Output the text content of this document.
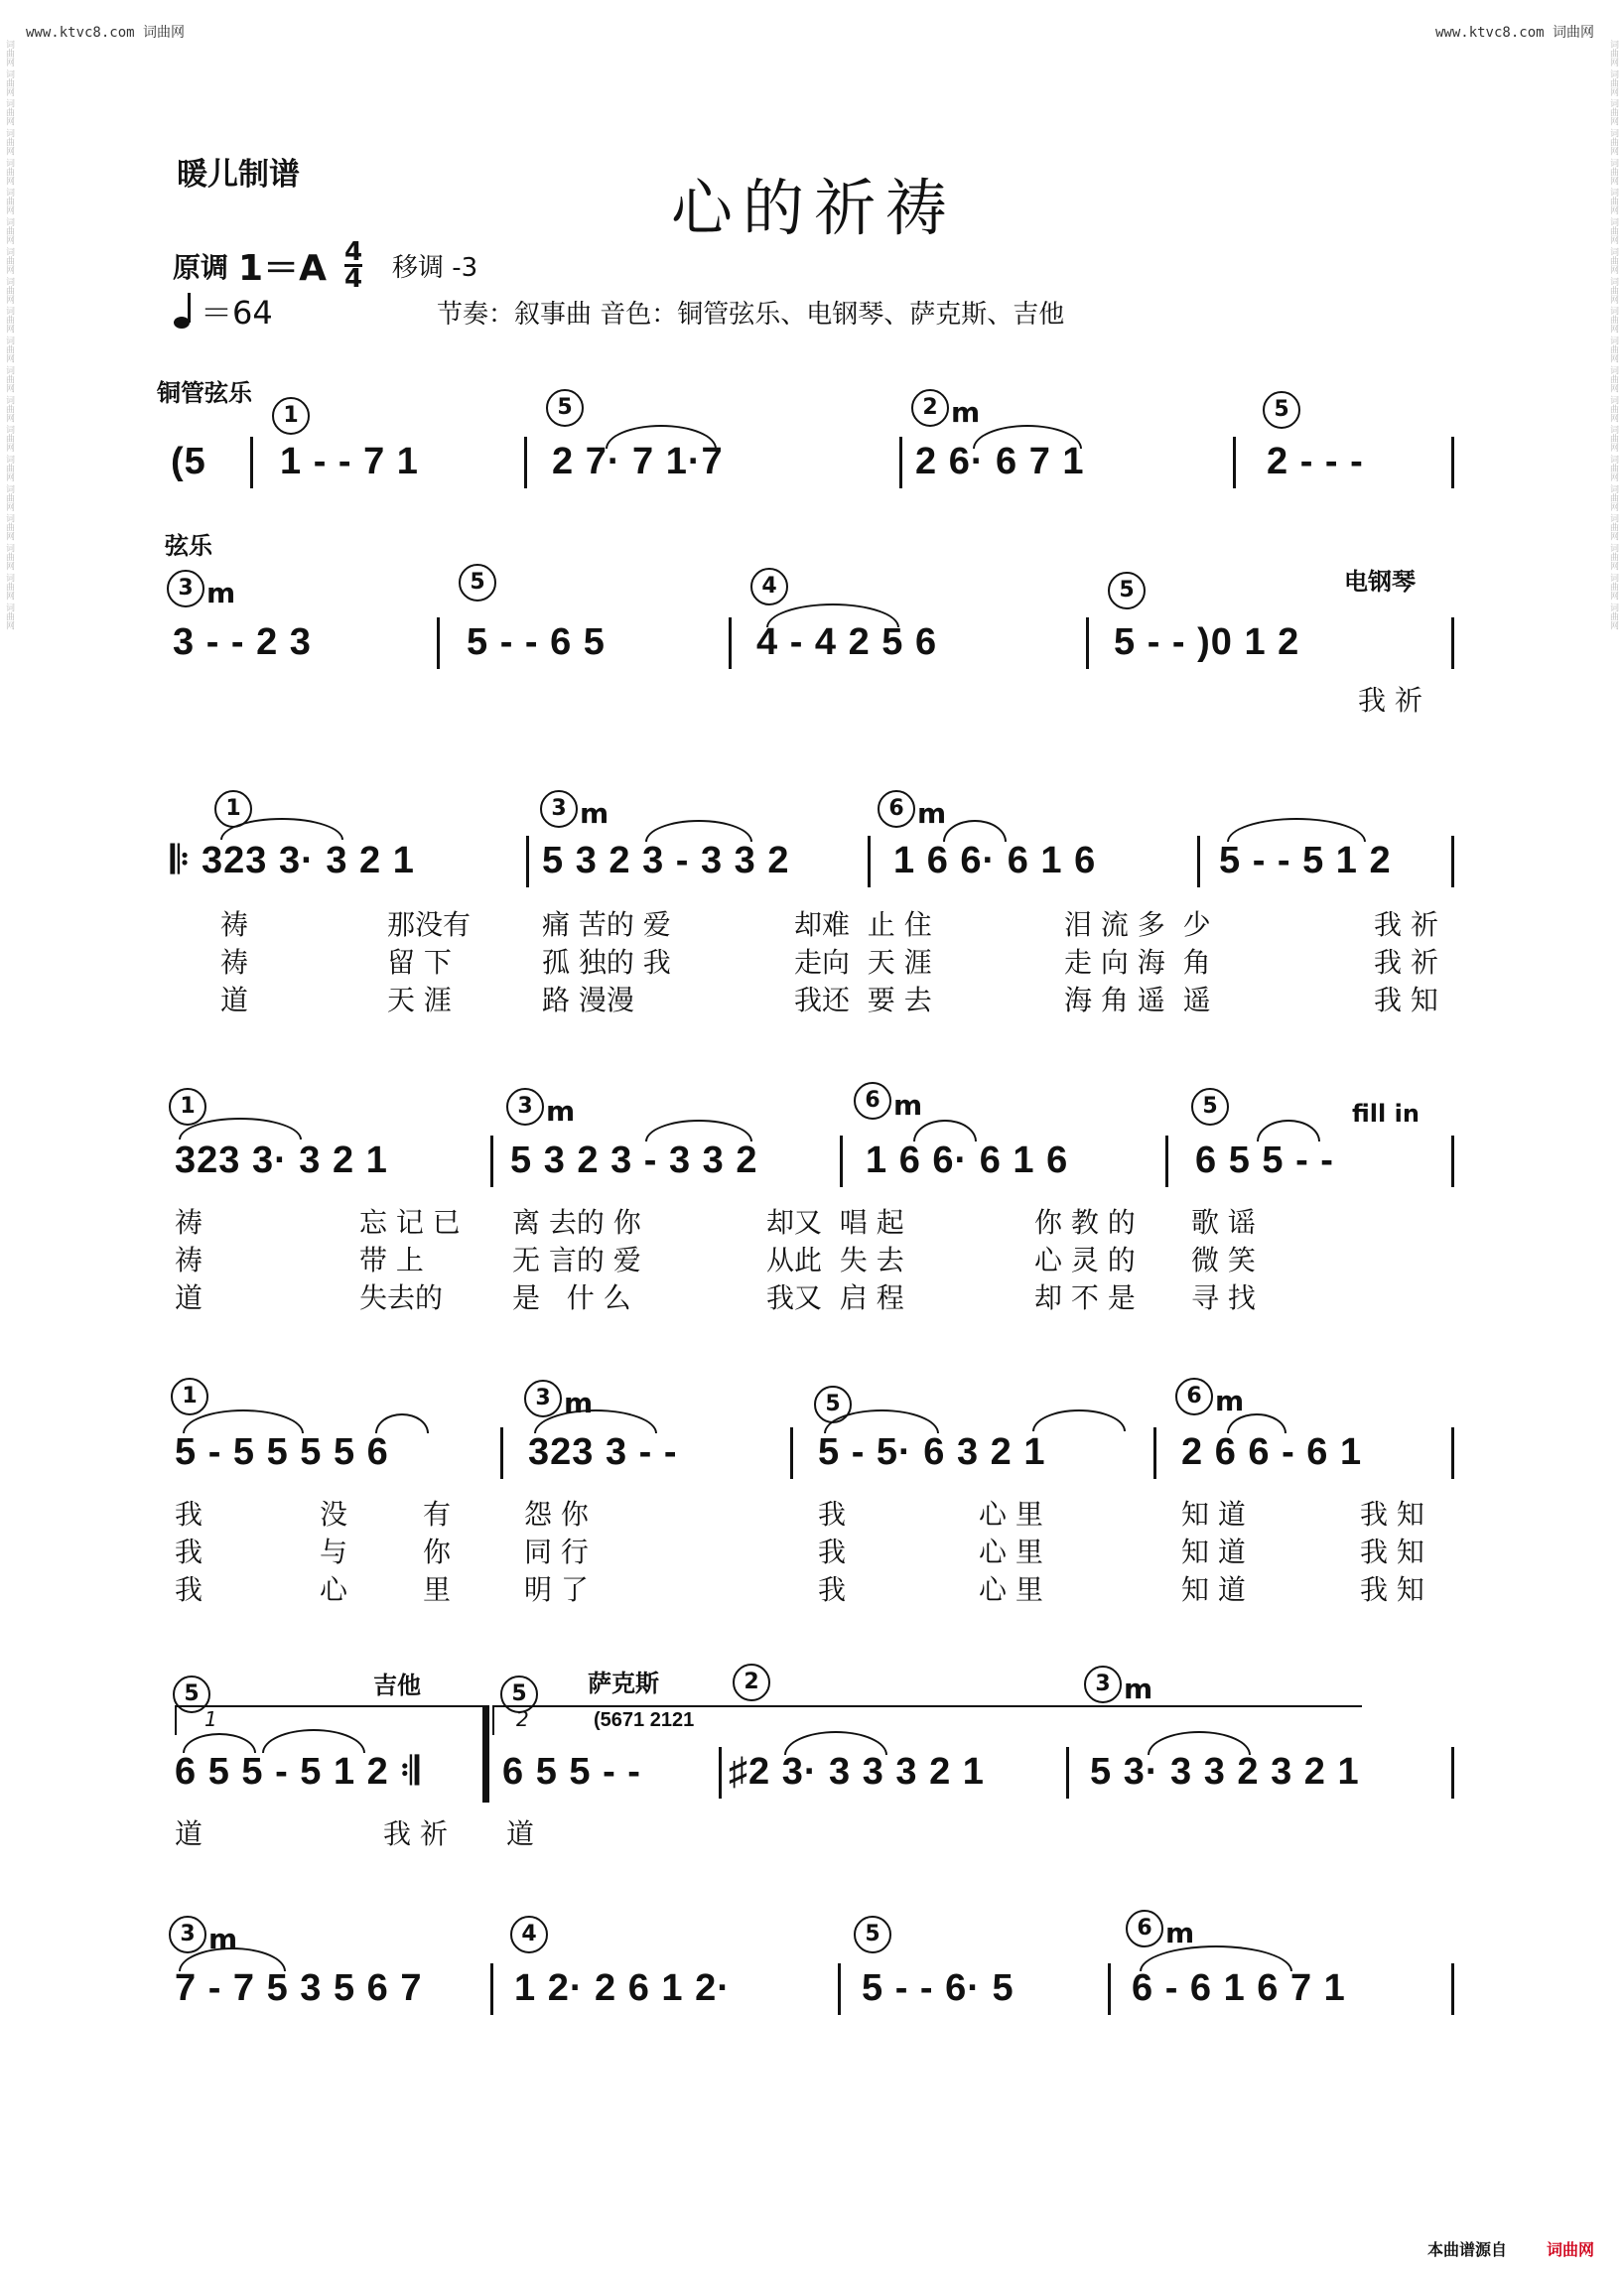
www.ktvc8.com 词曲网	www.ktvc8.com 词曲网
词曲网 词曲网 词曲网 词曲网 词曲网 词曲网 词曲网 词曲网 词曲网 词曲网 词曲网 词曲网 词曲网 词曲网 词曲网 词曲网 词曲网 词曲网 词曲网 词曲网	词曲网 词曲网 词曲网 词曲网 词曲网 词曲网 词曲网 词曲网 词曲网 词曲网 词曲网 词曲网 词曲网 词曲网 词曲网 词曲网 词曲网 词曲网 词曲网 词曲网
暖儿制谱	心的祈祷
原调 $1=A \frac{4}{4}$ 移调 -3
＝64	节奏：叙事曲 音色：铜管弦乐、电钢琴、萨克斯、吉他
铜管弦乐
1	5	2 m	5
(5 1 - - 7 1	2 7· 7 1·7	2 6· 6 7 1	2 - - -
弦乐
电钢琴
3 m	5	4	5
3 - - 2 3	5 - - 6 5	4 - 4 2 5 6	5 - - )0 1 2
我 祈
1	3 m	6 m
𝄆 323 3· 3 2 1	5 3 2 3 - 3 3 2	1 6 6· 6 1 6	5 - - 5 1 2
祷	那没有	痛 苦的 爱	却难  止 住	泪 流 多  少	我 祈
祷	留 下	孤 独的 我	走向  天 涯	走 向 海  角	我 祈
道	天 涯	路 漫漫	我还  要 去	海 角 遥  遥	我 知
1	3 m	6 m	5	fill in
323 3· 3 2 1	5 3 2 3 - 3 3 2	1 6 6· 6 1 6	6 5 5 - -
祷	忘 记 已 离 去的 你	却又  唱 起	你 教 的 歌 谣
祷	带 上	无 言的 爱	从此  失 去	心 灵 的 微 笑
道	失去的 是   什 么	我又  启 程	却 不 是 寻 找
1	3 m	5	6 m
5 - 5 5 5 5 6	323 3 - -	5 - 5· 6 3 2 1	2 6 6 - 6 1
我	没	有	怨 你	我	心 里	知 道	我 知
我	与	你	同 行	我	心 里	知 道	我 知
我	心	里	明 了	我	心 里	知 道	我 知
5	吉他	5	萨克斯	2	3 m
1	2	(5671 2121
6 5 5 - 5 1 2 𝄇 6 5 5 - - ♯2 3· 3 3 3 2 1	5 3· 3 3 2 3 2 1
道	我 祈 道
3 m	4	5	6 m
7 - 7 5 3 5 6 7 1 2· 2 6 1 2·	5 - - 6· 5	6 - 6 1 6 7 1
本曲谱源自	词曲网
